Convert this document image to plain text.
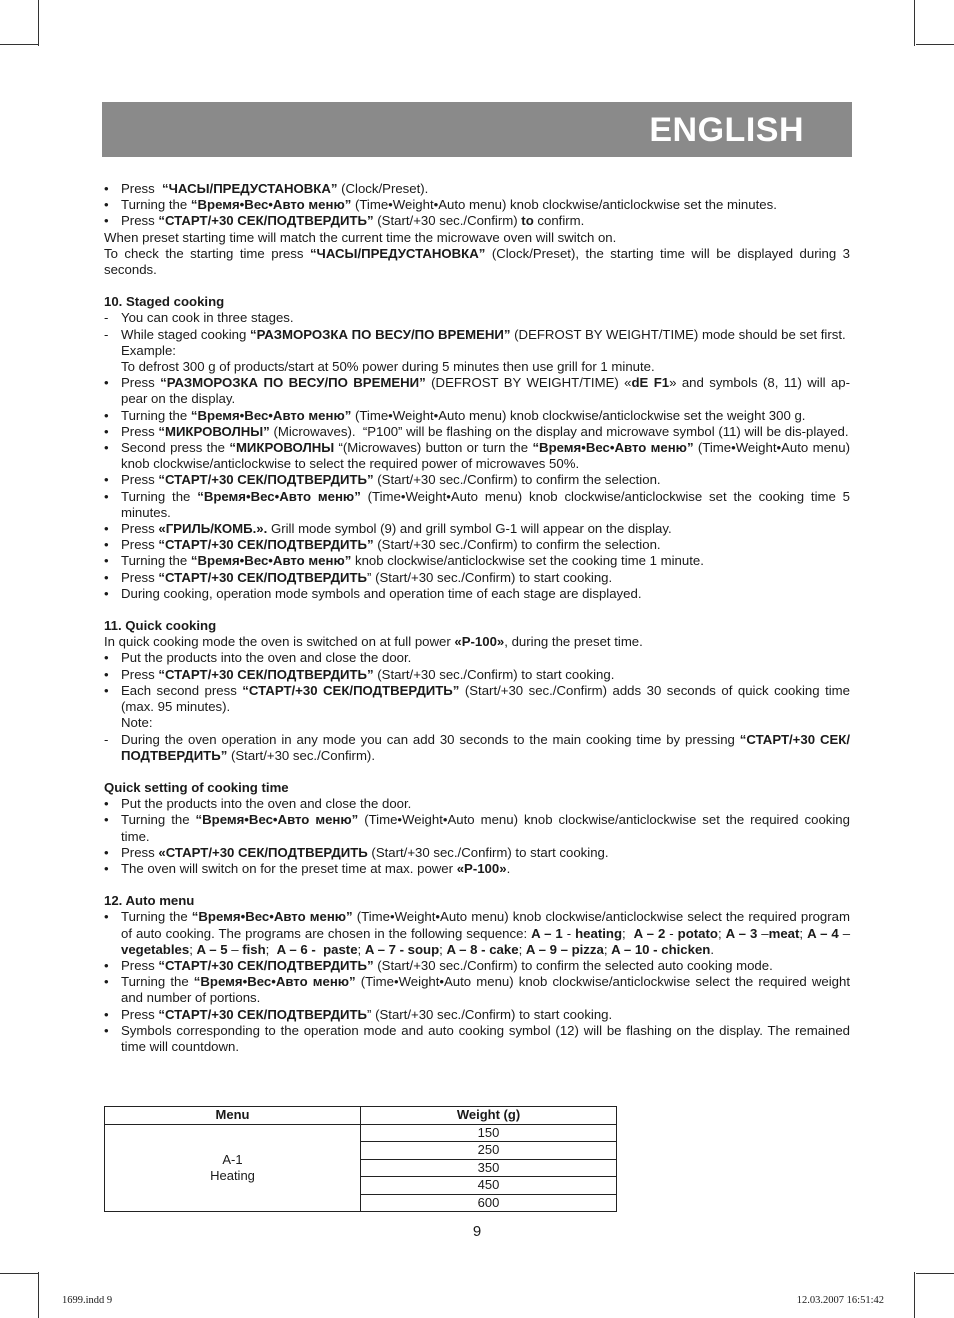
ENGLISH
• Press  “ЧАСЫ/ПРЕДУСТАНОВКА” (Clock/Preset).
• Turning the “Время•Вес•Авто меню” (Time•Weight•Auto menu) knob clockwise/anticlockwise set the minutes.
• Press “СТАРТ/+30 СЕК/ПОДТВЕРДИТЬ” (Start/+30 sec./Confirm) to confirm.

When preset starting time will match the current time the microwave oven will switch on.

To check the starting time press “ЧАСЫ/ПРЕДУСТАНОВКА” (Clock/Preset), the starting time will be displayed during 3 seconds.

10. Staged cooking

- You can cook in three stages.
- While staged cooking “РАЗМОРОЗКА ПО ВЕСУ/ПО ВРЕМЕНИ” (DEFROST BY WEIGHT/TIME) mode should be set first.

Example:

To defrost 300 g of products/start at 50% power during 5 minutes then use grill for 1 minute.

• Press “РАЗМОРОЗКА ПО ВЕСУ/ПО ВРЕМЕНИ” (DEFROST BY WEIGHT/TIME) «dE F1» and symbols (8, 11) will ap-pear on the display.
• Turning the “Время•Вес•Авто меню” (Time•Weight•Auto menu) knob clockwise/anticlockwise set the weight 300 g.
• Press “МИКРОВОЛНЫ” (Microwaves).  “P100” will be flashing on the display and microwave symbol (11) will be dis-played.
• Second press the “МИКРОВОЛНЫ “(Microwaves) button or turn the “Время•Вес•Авто меню” (Time•Weight•Auto menu) knob clockwise/anticlockwise to select the required power of microwaves 50%.
• Press “СТАРТ/+30 СЕК/ПОДТВЕРДИТЬ” (Start/+30 sec./Confirm) to confirm the selection.
• Turning the “Время•Вес•Авто меню” (Time•Weight•Auto menu) knob clockwise/anticlockwise set the cooking time 5 minutes.
• Press «ГРИЛЬ/КОМБ.». Grill mode symbol (9) and grill symbol G-1 will appear on the display.
• Press “СТАРТ/+30 СЕК/ПОДТВЕРДИТЬ” (Start/+30 sec./Confirm) to confirm the selection.
• Turning the “Время•Вес•Авто меню” knob clockwise/anticlockwise set the cooking time 1 minute.
• Press “СТАРТ/+30 СЕК/ПОДТВЕРДИТЬ” (Start/+30 sec./Confirm) to start cooking.
• During cooking, operation mode symbols and operation time of each stage are displayed.

11. Quick cooking

In quick cooking mode the oven is switched on at full power «P-100», during the preset time.

• Put the products into the oven and close the door.
• Press “СТАРТ/+30 СЕК/ПОДТВЕРДИТЬ” (Start/+30 sec./Confirm) to start cooking.
• Each second press “СТАРТ/+30 СЕК/ПОДТВЕРДИТЬ” (Start/+30 sec./Confirm) adds 30 seconds of quick cooking time (max. 95 minutes).

Note:

- During the oven operation in any mode you can add 30 seconds to the main cooking time by pressing “СТАРТ/+30 СЕК/ПОДТВЕРДИТЬ” (Start/+30 sec./Confirm).

Quick setting of cooking time

• Put the products into the oven and close the door.
• Turning the “Время•Вес•Авто меню” (Time•Weight•Auto menu) knob clockwise/anticlockwise set the required cooking time.
• Press «СТАРТ/+30 СЕК/ПОДТВЕРДИТЬ (Start/+30 sec./Confirm) to start cooking.
• The oven will switch on for the preset time at max. power «P-100».

12. Auto menu

• Turning the “Время•Вес•Авто меню” (Time•Weight•Auto menu) knob clockwise/anticlockwise select the required program of auto cooking. The programs are chosen in the following sequence: A – 1 - heating;  A – 2 - potato; A – 3 –meat; A – 4 –vegetables; A – 5 – fish;  A – 6 -  paste; A – 7 - soup; A – 8 - cake; A – 9 – pizza; A – 10 - chicken.
• Press “СТАРТ/+30 СЕК/ПОДТВЕРДИТЬ” (Start/+30 sec./Confirm) to confirm the selected auto cooking mode.
• Turning the “Время•Вес•Авто меню” (Time•Weight•Auto menu) knob clockwise/anticlockwise select the required weight and number of portions.
• Press “СТАРТ/+30 СЕК/ПОДТВЕРДИТЬ” (Start/+30 sec./Confirm) to start cooking.
• Symbols corresponding to the operation mode and auto cooking symbol (12) will be flashing on the display. The remained time will countdown.
Menu	Weight (g)

A-1
Heating	150
	250
	350
	450
	600
9
1699.indd 9	12.03.2007 16:51:42
